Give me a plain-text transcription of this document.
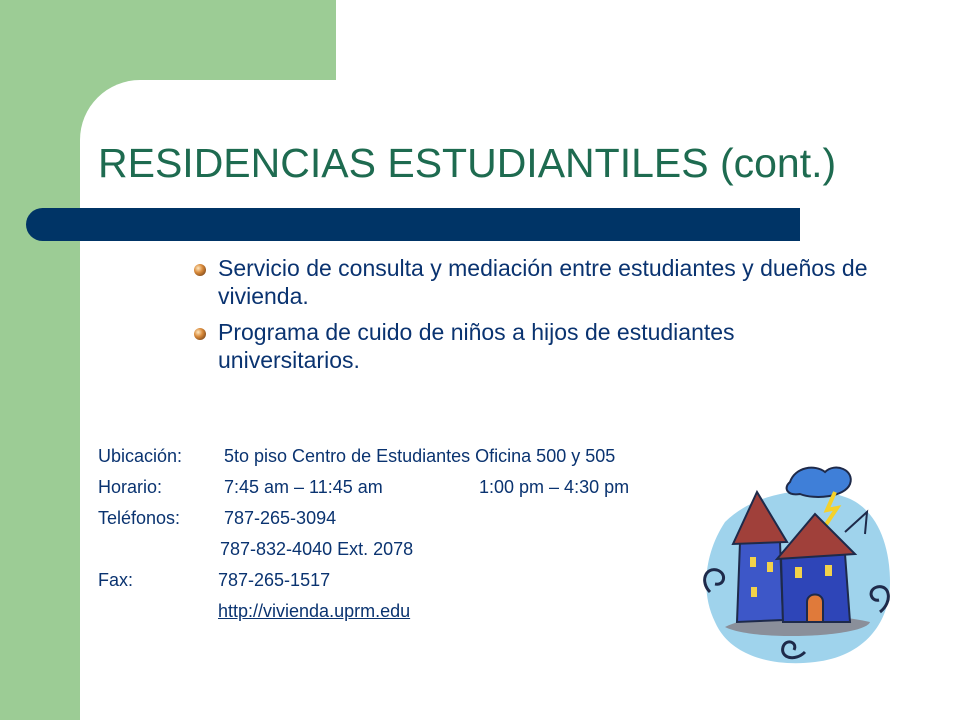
RESIDENCIAS ESTUDIANTILES (cont.)
Servicio de consulta y mediación entre estudiantes y dueños de vivienda.
Programa de cuido de niños a hijos de estudiantes universitarios.
Ubicación: 5to piso Centro de Estudiantes Oficina 500 y 505
Horario:	7:45 am – 11:45 am	1:00 pm – 4:30 pm
Teléfonos: 787-265-3094
787-832-4040 Ext. 2078
Fax:	787-265-1517
http://vivienda.uprm.edu
